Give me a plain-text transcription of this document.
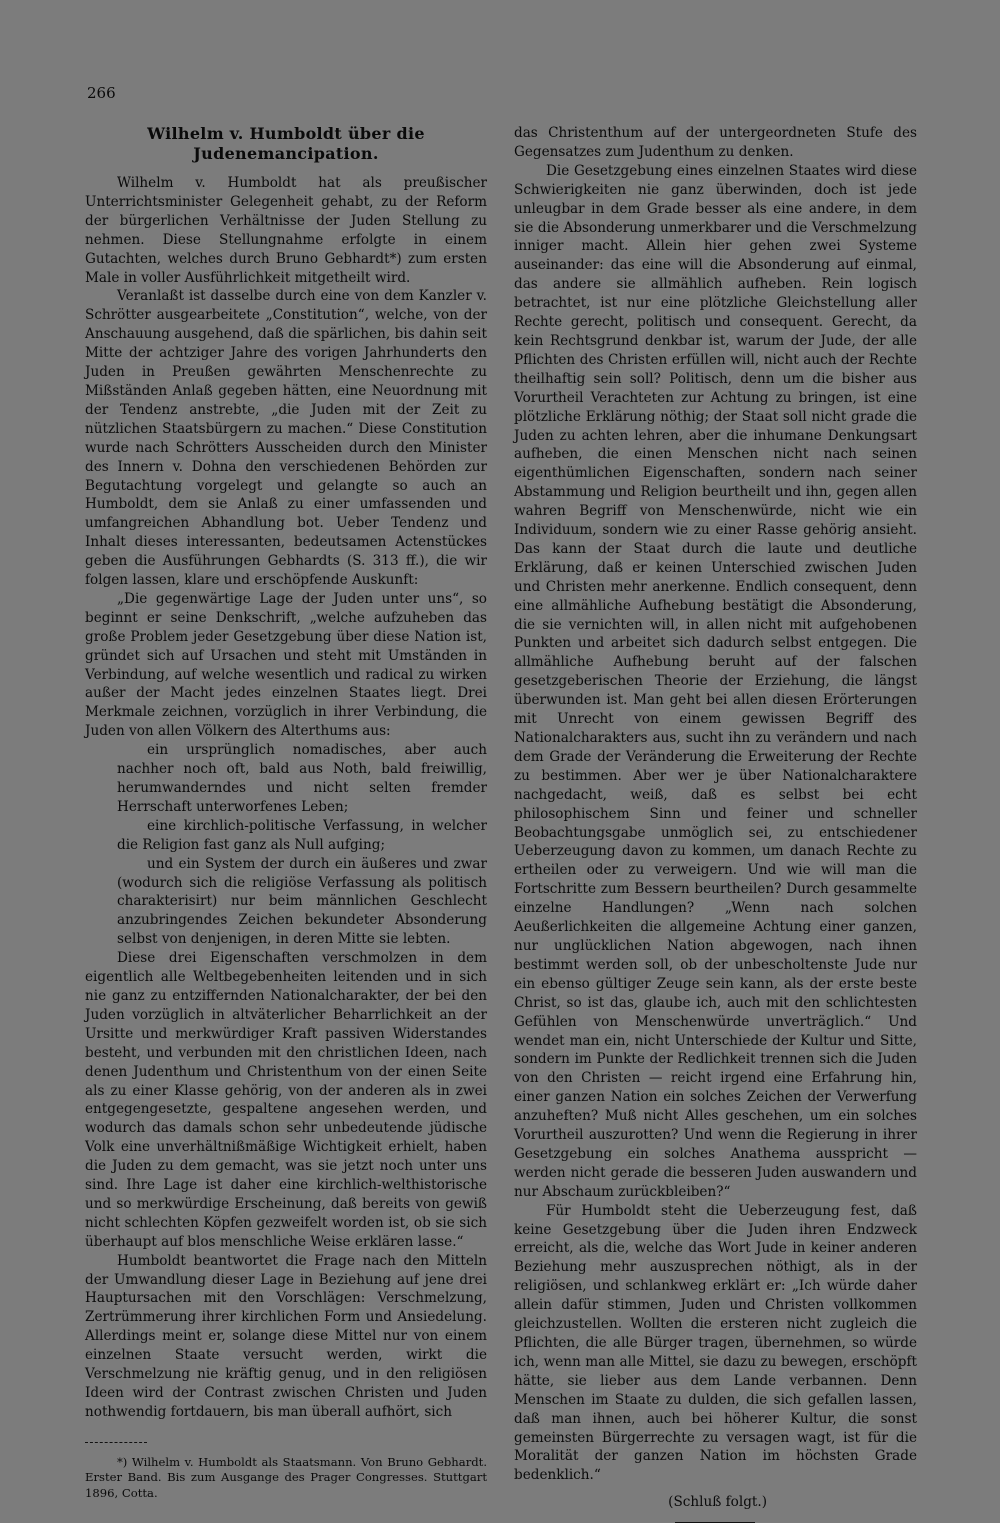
266
Wilhelm v. Humboldt über die Judenemancipation.

Wilhelm v. Humboldt hat als preußischer Unterrichtsminister Gelegenheit gehabt, zu der Reform der bürgerlichen Verhältnisse der Juden Stellung zu nehmen. Diese Stellungnahme erfolgte in einem Gutachten, welches durch Bruno Gebhardt*) zum ersten Male in voller Ausführlichkeit mitgetheilt wird.

Veranlaßt ist dasselbe durch eine von dem Kanzler v. Schrötter ausgearbeitete „Constitution“, welche, von der Anschauung ausgehend, daß die spärlichen, bis dahin seit Mitte der achtziger Jahre des vorigen Jahrhunderts den Juden in Preußen gewährten Menschenrechte zu Mißständen Anlaß gegeben hätten, eine Neuordnung mit der Tendenz anstrebte, „die Juden mit der Zeit zu nützlichen Staatsbürgern zu machen.“ Diese Constitution wurde nach Schrötters Ausscheiden durch den Minister des Innern v. Dohna den verschiedenen Behörden zur Begutachtung vorgelegt und gelangte so auch an Humboldt, dem sie Anlaß zu einer umfassenden und umfangreichen Abhandlung bot. Ueber Tendenz und Inhalt dieses interessanten, bedeutsamen Actenstückes geben die Ausführungen Gebhardts (S. 313 ff.), die wir folgen lassen, klare und erschöpfende Auskunft:

„Die gegenwärtige Lage der Juden unter uns“, so beginnt er seine Denkschrift, „welche aufzuheben das große Problem jeder Gesetzgebung über diese Nation ist, gründet sich auf Ursachen und steht mit Umständen in Verbindung, auf welche wesentlich und radical zu wirken außer der Macht jedes einzelnen Staates liegt. Drei Merkmale zeichnen, vorzüglich in ihrer Verbindung, die Juden von allen Völkern des Alterthums aus:

ein ursprünglich nomadisches, aber auch nachher noch oft, bald aus Noth, bald freiwillig, herumwanderndes und nicht selten fremder Herrschaft unterworfenes Leben;

eine kirchlich-politische Verfassung, in welcher die Religion fast ganz als Null aufging;

und ein System der durch ein äußeres und zwar (wodurch sich die religiöse Verfassung als politisch charakterisirt) nur beim männlichen Geschlecht anzubringendes Zeichen bekundeter Absonderung selbst von denjenigen, in deren Mitte sie lebten.

Diese drei Eigenschaften verschmolzen in dem eigentlich alle Weltbegebenheiten leitenden und in sich nie ganz zu entziffernden Nationalcharakter, der bei den Juden vorzüglich in altväterlicher Beharrlichkeit an der Ursitte und merkwürdiger Kraft passiven Widerstandes besteht, und verbunden mit den christlichen Ideen, nach denen Judenthum und Christenthum von der einen Seite als zu einer Klasse gehörig, von der anderen als in zwei entgegengesetzte, gespaltene angesehen werden, und wodurch das damals schon sehr unbedeutende jüdische Volk eine unverhältnißmäßige Wichtigkeit erhielt, haben die Juden zu dem gemacht, was sie jetzt noch unter uns sind. Ihre Lage ist daher eine kirchlich-welthistorische und so merkwürdige Erscheinung, daß bereits von gewiß nicht schlechten Köpfen gezweifelt worden ist, ob sie sich überhaupt auf blos menschliche Weise erklären lasse.“

Humboldt beantwortet die Frage nach den Mitteln der Umwandlung dieser Lage in Beziehung auf jene drei Hauptursachen mit den Vorschlägen: Verschmelzung, Zertrümmerung ihrer kirchlichen Form und Ansiedelung. Allerdings meint er, solange diese Mittel nur von einem einzelnen Staate versucht werden, wirkt die Verschmelzung nie kräftig genug, und in den religiösen Ideen wird der Contrast zwischen Christen und Juden nothwendig fortdauern, bis man überall aufhört, sich

*) Wilhelm v. Humboldt als Staatsmann. Von Bruno Gebhardt. Erster Band. Bis zum Ausgange des Prager Congresses. Stuttgart 1896, Cotta.

das Christenthum auf der untergeordneten Stufe des Gegensatzes zum Judenthum zu denken.

Die Gesetzgebung eines einzelnen Staates wird diese Schwierigkeiten nie ganz überwinden, doch ist jede unleugbar in dem Grade besser als eine andere, in dem sie die Absonderung unmerkbarer und die Verschmelzung inniger macht. Allein hier gehen zwei Systeme auseinander: das eine will die Absonderung auf einmal, das andere sie allmählich aufheben. Rein logisch betrachtet, ist nur eine plötzliche Gleichstellung aller Rechte gerecht, politisch und consequent. Gerecht, da kein Rechtsgrund denkbar ist, warum der Jude, der alle Pflichten des Christen erfüllen will, nicht auch der Rechte theilhaftig sein soll? Politisch, denn um die bisher aus Vorurtheil Verachteten zur Achtung zu bringen, ist eine plötzliche Erklärung nöthig; der Staat soll nicht grade die Juden zu achten lehren, aber die inhumane Denkungsart aufheben, die einen Menschen nicht nach seinen eigenthümlichen Eigenschaften, sondern nach seiner Abstammung und Religion beurtheilt und ihn, gegen allen wahren Begriff von Menschenwürde, nicht wie ein Individuum, sondern wie zu einer Rasse gehörig ansieht. Das kann der Staat durch die laute und deutliche Erklärung, daß er keinen Unterschied zwischen Juden und Christen mehr anerkenne. Endlich consequent, denn eine allmähliche Aufhebung bestätigt die Absonderung, die sie vernichten will, in allen nicht mit aufgehobenen Punkten und arbeitet sich dadurch selbst entgegen. Die allmähliche Aufhebung beruht auf der falschen gesetzgeberischen Theorie der Erziehung, die längst überwunden ist. Man geht bei allen diesen Erörterungen mit Unrecht von einem gewissen Begriff des Nationalcharakters aus, sucht ihn zu verändern und nach dem Grade der Veränderung die Erweiterung der Rechte zu bestimmen. Aber wer je über Nationalcharaktere nachgedacht, weiß, daß es selbst bei echt philosophischem Sinn und feiner und schneller Beobachtungsgabe unmöglich sei, zu entschiedener Ueberzeugung davon zu kommen, um danach Rechte zu ertheilen oder zu verweigern. Und wie will man die Fortschritte zum Bessern beurtheilen? Durch gesammelte einzelne Handlungen? „Wenn nach solchen Aeußerlichkeiten die allgemeine Achtung einer ganzen, nur unglücklichen Nation abgewogen, nach ihnen bestimmt werden soll, ob der unbescholtenste Jude nur ein ebenso gültiger Zeuge sein kann, als der erste beste Christ, so ist das, glaube ich, auch mit den schlichtesten Gefühlen von Menschenwürde unverträglich.“ Und wendet man ein, nicht Unterschiede der Kultur und Sitte, sondern im Punkte der Redlichkeit trennen sich die Juden von den Christen — reicht irgend eine Erfahrung hin, einer ganzen Nation ein solches Zeichen der Verwerfung anzuheften? Muß nicht Alles geschehen, um ein solches Vorurtheil auszurotten? Und wenn die Regierung in ihrer Gesetzgebung ein solches Anathema ausspricht — werden nicht gerade die besseren Juden auswandern und nur Abschaum zurückbleiben?“

Für Humboldt steht die Ueberzeugung fest, daß keine Gesetzgebung über die Juden ihren Endzweck erreicht, als die, welche das Wort Jude in keiner anderen Beziehung mehr auszusprechen nöthigt, als in der religiösen, und schlankweg erklärt er: „Ich würde daher allein dafür stimmen, Juden und Christen vollkommen gleichzustellen. Wollten die ersteren nicht zugleich die Pflichten, die alle Bürger tragen, übernehmen, so würde ich, wenn man alle Mittel, sie dazu zu bewegen, erschöpft hätte, sie lieber aus dem Lande verbannen. Denn Menschen im Staate zu dulden, die sich gefallen lassen, daß man ihnen, auch bei höherer Kultur, die sonst gemeinsten Bürgerrechte zu versagen wagt, ist für die Moralität der ganzen Nation im höchsten Grade bedenklich.“

(Schluß folgt.)
